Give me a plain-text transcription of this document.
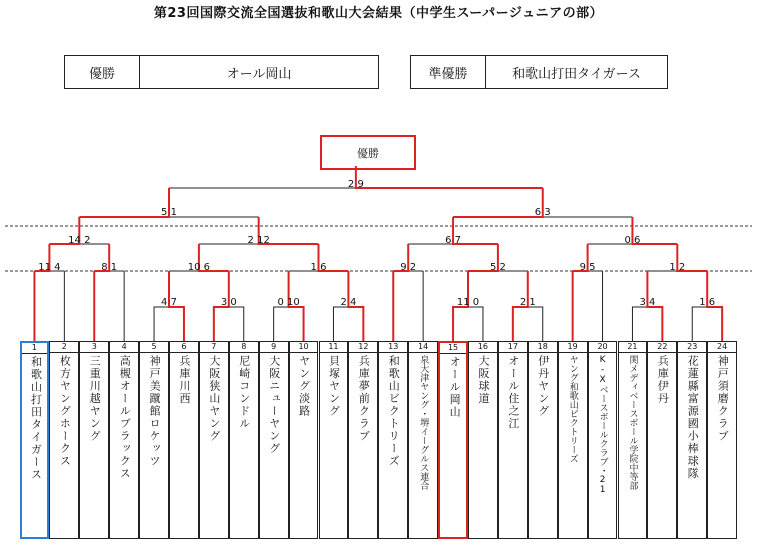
第23回国際交流全国選抜和歌山大会結果（中学生スーパージュニアの部）
優勝	オール岡山	準優勝	和歌山打田タイガース
優勝
2 9
5 1	6 3
14 2	2 12	6 7	0 6
11 4	8 1	10 6	1 6	9 2	5 2	9 5	1 2
4 7	3 0	0 10	2 4	11 0	2 1	3 4	1 6
1
和歌山打田タイガース
2
枚方ヤングホークス
3
三重川越ヤング
4
高槻オールブラックス
5
神戸美蹴館ロケッツ
6
兵庫川西
7
大阪狭山ヤング
8
尼崎コンドル
9
大阪ニューヤング
10
ヤング淡路
11
貝塚ヤング
12
兵庫夢前クラブ
13
和歌山ビクトリーズ
14
泉大津ヤング・堺イーグルス連合
15
オール岡山
16
大阪球道
17
オール住之江
18
伊丹ヤング
19
ヤング和歌山ビクトリーズ
20
K-Xベースボールクラブ・21
21
関メディベースボール学院中等部
22
兵庫伊丹
23
花蓮縣富源國小棒球隊
24
神戸須磨クラブ
